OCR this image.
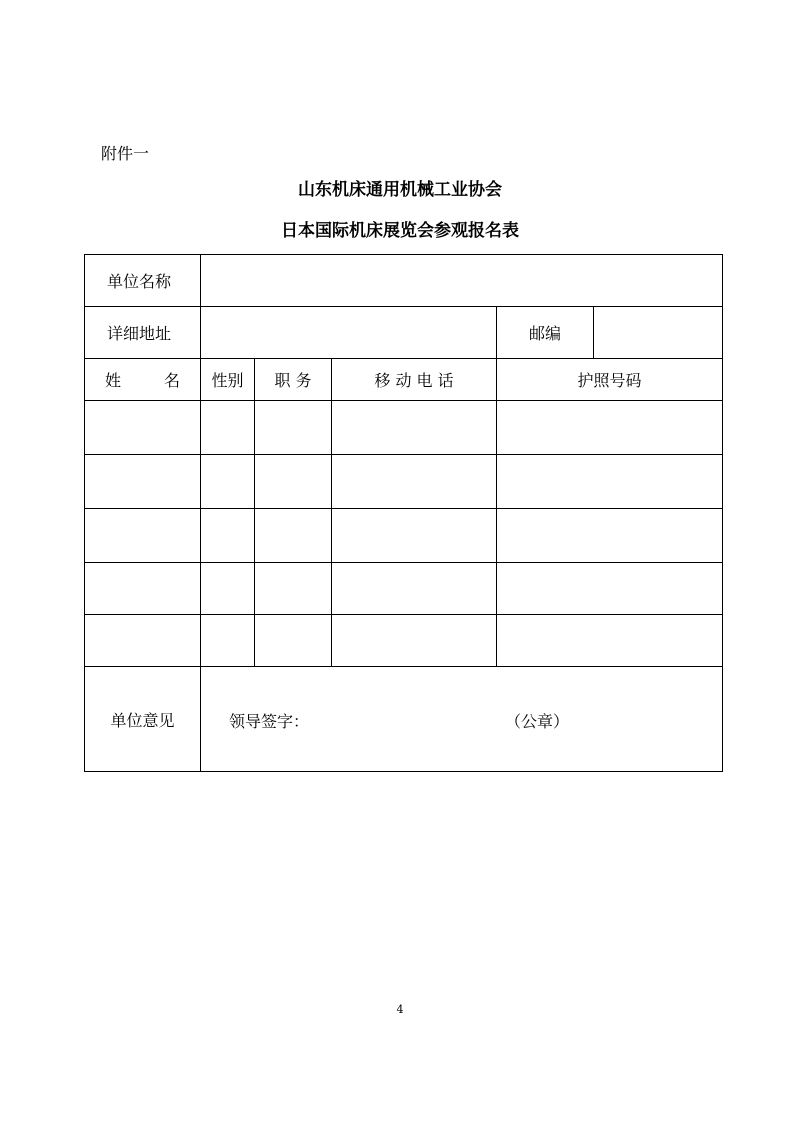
附件一
山东机床通用机械工业协会
日本国际机床展览会参观报名表
单位名称					
详细地址				邮编	

姓 名	性别	职 务	移 动 电 话	护照号码	

单位意见	领导签字： （公章）				
4
